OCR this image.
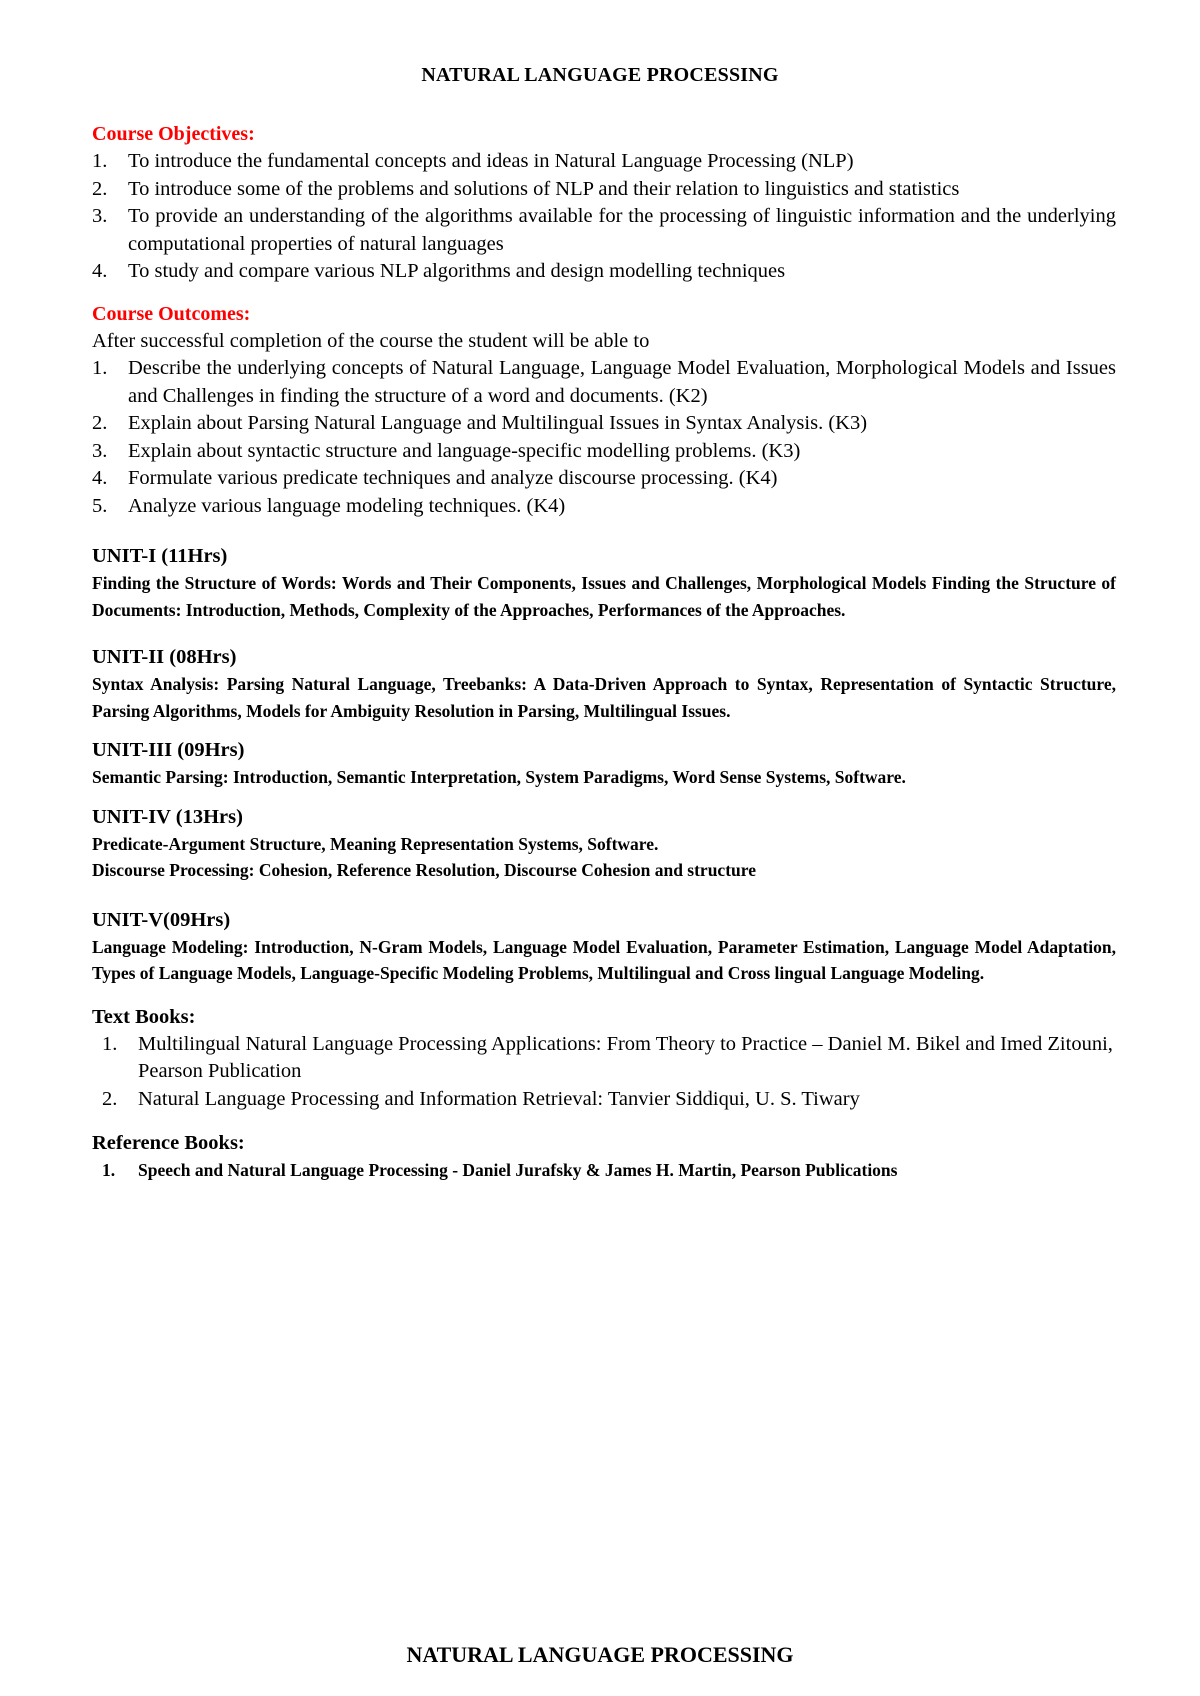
NATURAL LANGUAGE PROCESSING
Course Objectives:
1. To introduce the fundamental concepts and ideas in Natural Language Processing (NLP)
2. To introduce some of the problems and solutions of NLP and their relation to linguistics and statistics
3. To provide an understanding of the algorithms available for the processing of linguistic information and the underlying computational properties of natural languages
4. To study and compare various NLP algorithms and design modelling techniques
Course Outcomes:
After successful completion of the course the student will be able to
1. Describe the underlying concepts of Natural Language, Language Model Evaluation, Morphological Models and Issues and Challenges in finding the structure of a word and documents. (K2)
2. Explain about Parsing Natural Language and Multilingual Issues in Syntax Analysis. (K3)
3. Explain about syntactic structure and language-specific modelling problems. (K3)
4. Formulate various predicate techniques and analyze discourse processing. (K4)
5. Analyze various language modeling techniques. (K4)
UNIT-I (11Hrs)
Finding the Structure of Words: Words and Their Components, Issues and Challenges, Morphological Models Finding the Structure of Documents: Introduction, Methods, Complexity of the Approaches, Performances of the Approaches.
UNIT-II (08Hrs)
Syntax Analysis: Parsing Natural Language, Treebanks: A Data-Driven Approach to Syntax, Representation of Syntactic Structure, Parsing Algorithms, Models for Ambiguity Resolution in Parsing, Multilingual Issues.
UNIT-III (09Hrs)
Semantic Parsing: Introduction, Semantic Interpretation, System Paradigms, Word Sense Systems, Software.
UNIT-IV (13Hrs)
Predicate-Argument Structure, Meaning Representation Systems, Software.
Discourse Processing: Cohesion, Reference Resolution, Discourse Cohesion and structure
UNIT-V(09Hrs)
Language Modeling: Introduction, N-Gram Models, Language Model Evaluation, Parameter Estimation, Language Model Adaptation, Types of Language Models, Language-Specific Modeling Problems, Multilingual and Cross lingual Language Modeling.
Text Books:
1. Multilingual Natural Language Processing Applications: From Theory to Practice – Daniel M. Bikel and Imed Zitouni, Pearson Publication
2. Natural Language Processing and Information Retrieval: Tanvier Siddiqui, U. S. Tiwary
Reference Books:
1. Speech and Natural Language Processing - Daniel Jurafsky & James H. Martin, Pearson Publications
NATURAL LANGUAGE PROCESSING
